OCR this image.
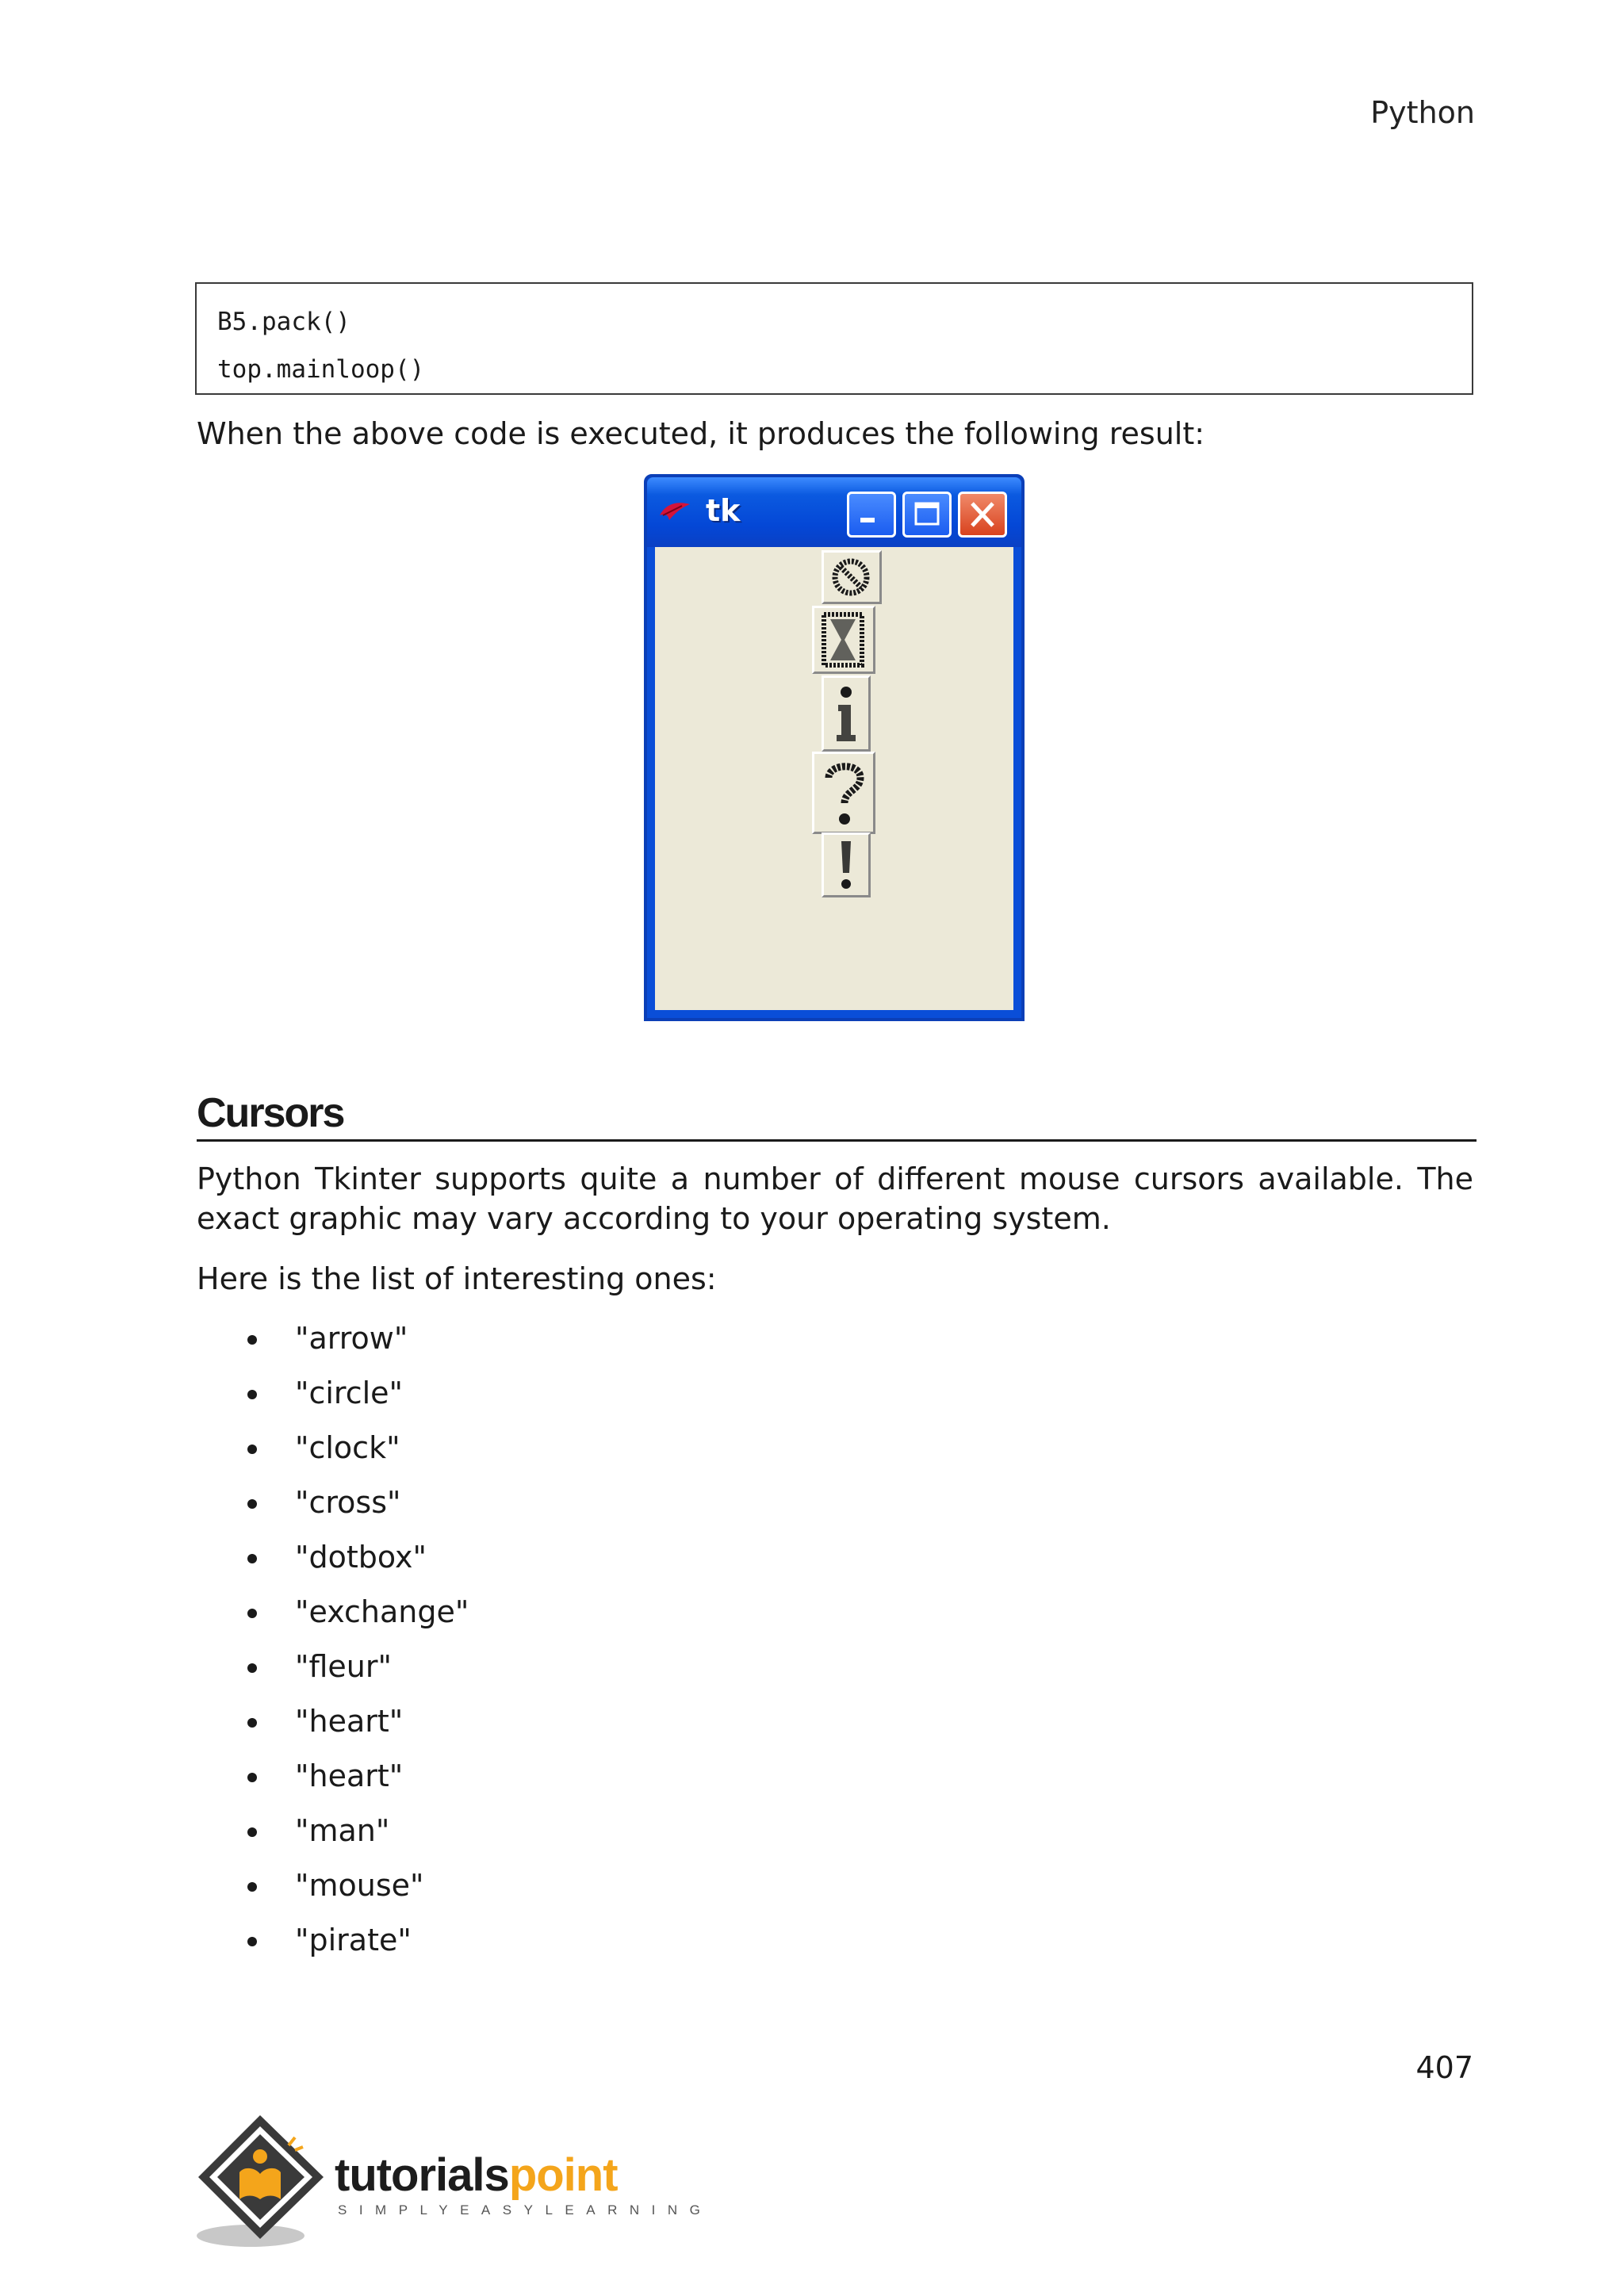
Python
B5.pack()
top.mainloop()
When the above code is executed, it produces the following result:
tk
Cursors
Python Tkinter supports quite a number of different mouse cursors available. The exact graphic may vary according to your operating system.
Here is the list of interesting ones:
"arrow"
"circle"
"clock"
"cross"
"dotbox"
"exchange"
"fleur"
"heart"
"heart"
"man"
"mouse"
"pirate"
407
tutorialspoint
SIMPLYEASYLEARNING
